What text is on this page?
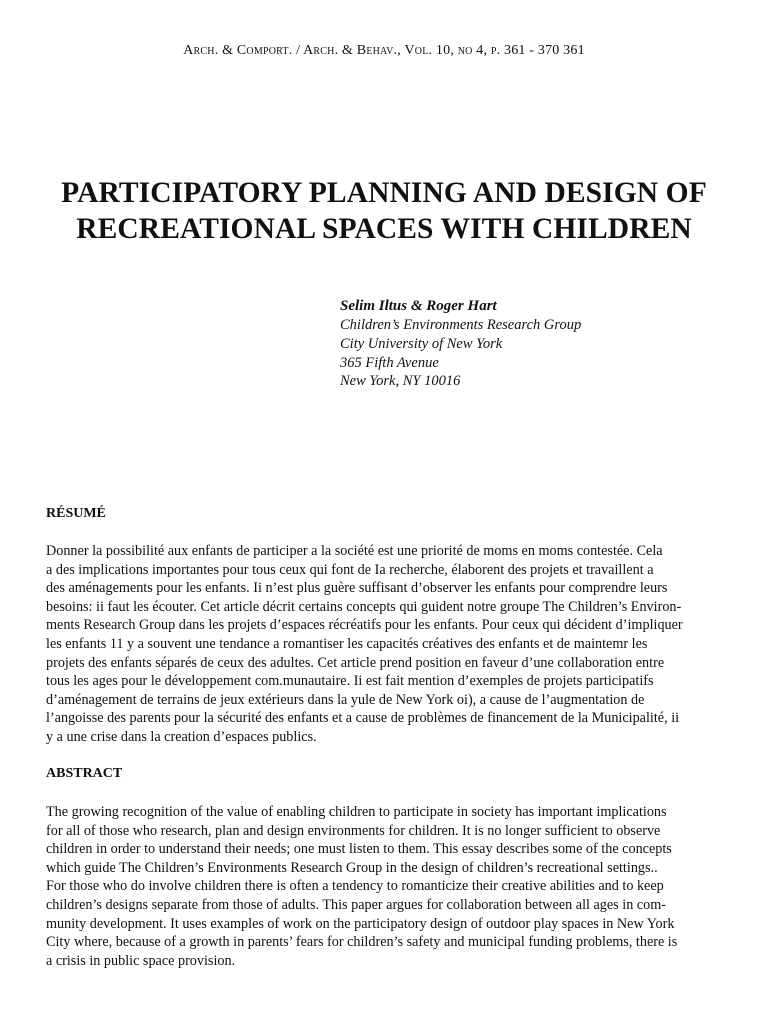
Arch. & Comport. / Arch. & Behav., Vol. 10, no 4, p. 361 - 370 361
PARTICIPATORY PLANNING AND DESIGN OF
RECREATIONAL SPACES WITH CHILDREN
Selim Iltus & Roger Hart
Children’s Environments Research Group
City University of New York
365 Fifth Avenue
New York, NY 10016
RÉSUMÉ
Donner la possibilité aux enfants de participer a la société est une priorité de moms en moms contestée. Cela
a des implications importantes pour tous ceux qui font de Ia recherche, élaborent des projets et travaillent a
des aménagements pour les enfants. Ii n’est plus guère suffisant d’observer les enfants pour comprendre leurs
besoins: ii faut les écouter. Cet article décrit certains concepts qui guident notre groupe The Children’s Environ-
ments Research Group dans les projets d’espaces récréatifs pour les enfants. Pour ceux qui décident d’impliquer
les enfants 11 y a souvent une tendance a romantiser les capacités créatives des enfants et de maintemr les
projets des enfants séparés de ceux des adultes. Cet article prend position en faveur d’une collaboration entre
tous les ages pour le développement com.munautaire. Ii est fait mention d’exemples de projets participatifs
d’aménagement de terrains de jeux extérieurs dans la yule de New York oi), a cause de l’augmentation de
l’angoisse des parents pour la sécurité des enfants et a cause de problèmes de financement de la Municipalité, ii
y a une crise dans la creation d’espaces publics.
ABSTRACT
The growing recognition of the value of enabling children to participate in society has important implications
for all of those who research, plan and design environments for children. It is no longer sufficient to observe
children in order to understand their needs; one must listen to them. This essay describes some of the concepts
which guide The Children’s Environments Research Group in the design of children’s recreational settings..
For those who do involve children there is often a tendency to romanticize their creative abilities and to keep
children’s designs separate from those of adults. This paper argues for collaboration between all ages in com-
munity development. It uses examples of work on the participatory design of outdoor play spaces in New York
City where, because of a growth in parents’ fears for children’s safety and municipal funding problems, there is
a crisis in public space provision.
